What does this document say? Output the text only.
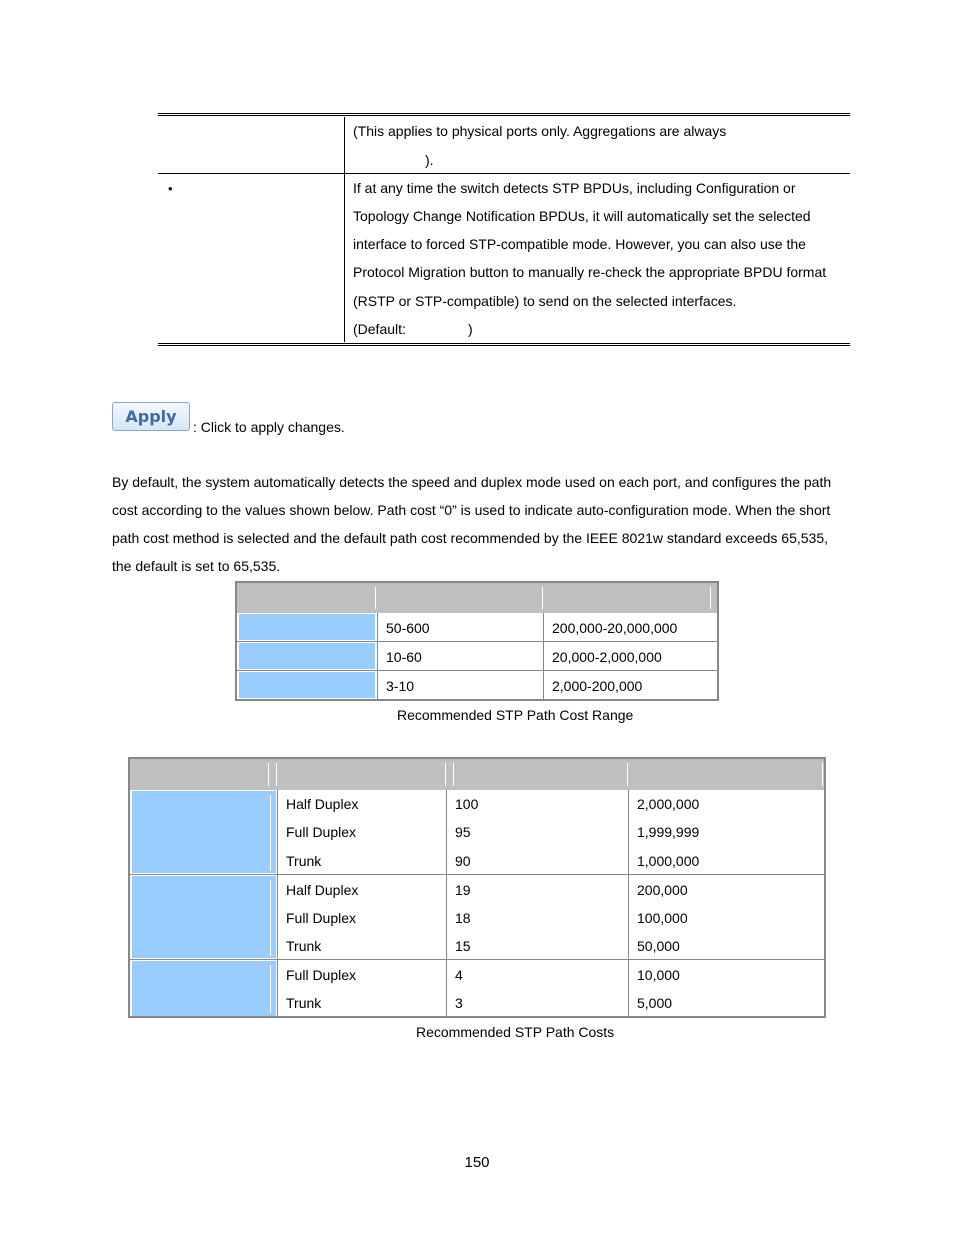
(This applies to physical ports only. Aggregations are always
).
•	If at any time the switch detects STP BPDUs, including Configuration or
Topology Change Notification BPDUs, it will automatically set the selected
interface to forced STP-compatible mode. However, you can also use the
Protocol Migration button to manually re-check the appropriate BPDU format
(RSTP or STP-compatible) to send on the selected interfaces.
(Default:	)
Apply
: Click to apply changes.
By default, the system automatically detects the speed and duplex mode used on each port, and configures the path
cost according to the values shown below. Path cost “0” is used to indicate auto-configuration mode. When the short
path cost method is selected and the default path cost recommended by the IEEE 8021w standard exceeds 65,535,
the default is set to 65,535.
50-600	200,000-20,000,000
10-60	20,000-2,000,000
3-10	2,000-200,000
Recommended STP Path Cost Range
Half Duplex	100	2,000,000
Full Duplex	95	1,999,999
Trunk	90	1,000,000
Half Duplex	19	200,000
Full Duplex	18	100,000
Trunk	15	50,000
Full Duplex	4	10,000
Trunk	3	5,000
Recommended STP Path Costs
150
